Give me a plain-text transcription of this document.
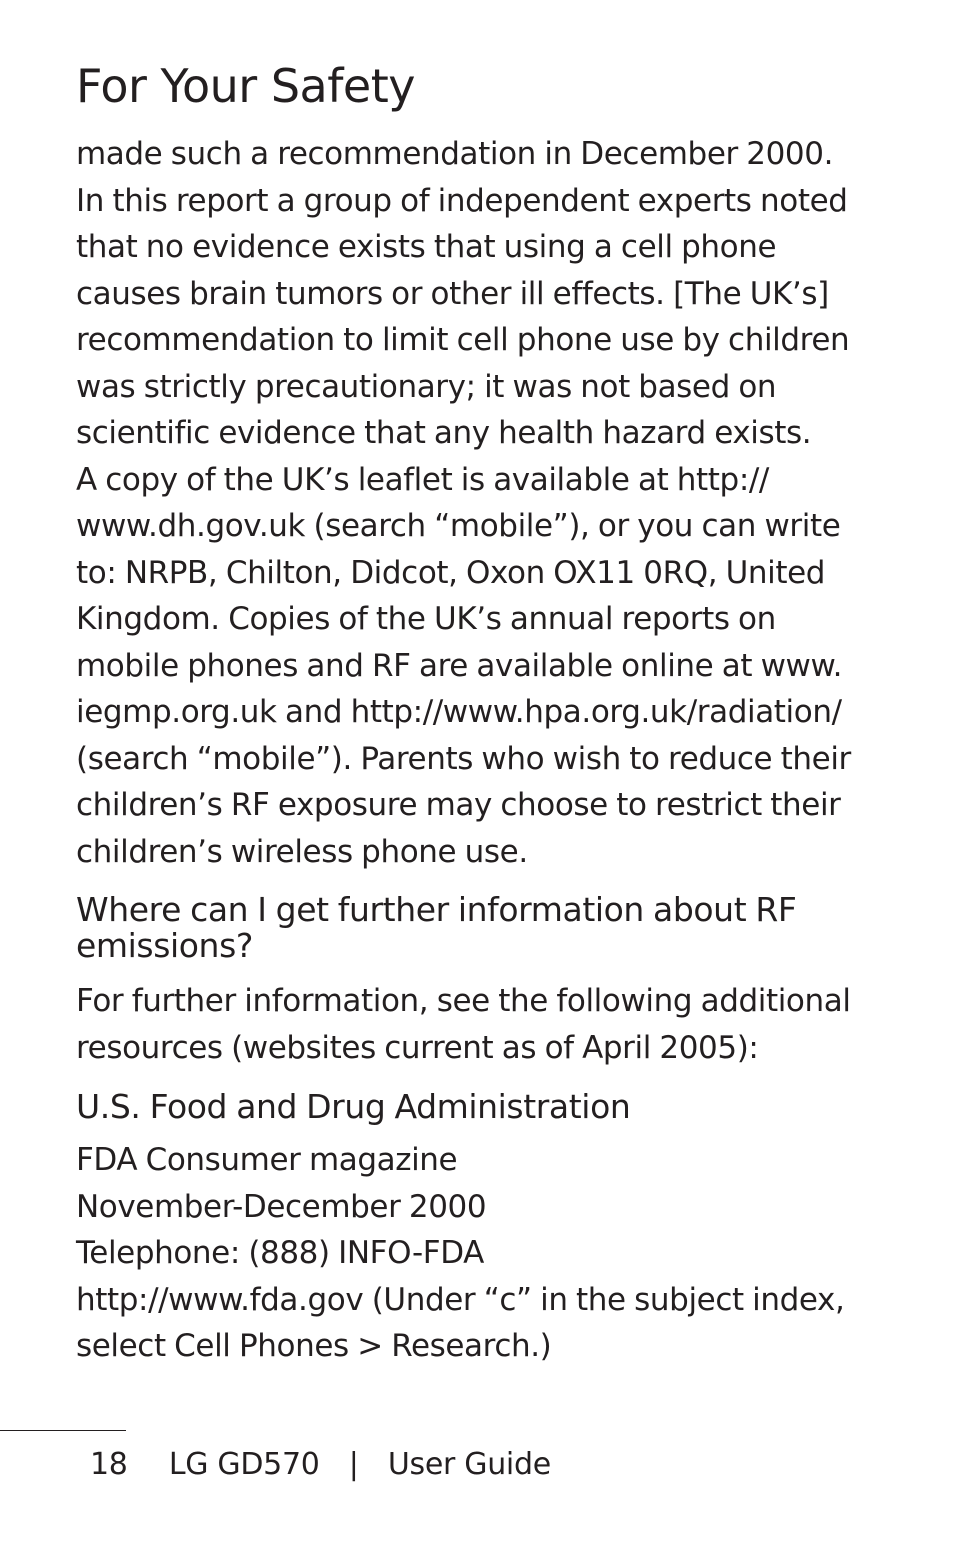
For Your Safety
made such a recommendation in December 2000.
In this report a group of independent experts noted
that no evidence exists that using a cell phone
causes brain tumors or other ill effects. [The UK’s]
recommendation to limit cell phone use by children
was strictly precautionary; it was not based on
scientific evidence that any health hazard exists.
A copy of the UK’s leaflet is available at http://
www.dh.gov.uk (search “mobile”), or you can write
to: NRPB, Chilton, Didcot, Oxon OX11 0RQ, United
Kingdom. Copies of the UK’s annual reports on
mobile phones and RF are available online at www.
iegmp.org.uk and http://www.hpa.org.uk/radiation/
(search “mobile”). Parents who wish to reduce their
children’s RF exposure may choose to restrict their
children’s wireless phone use.
Where can I get further information about RF
emissions?
For further information, see the following additional
resources (websites current as of April 2005):
U.S. Food and Drug Administration
FDA Consumer magazine
November-December 2000
Telephone: (888) INFO-FDA
http://www.fda.gov (Under “c” in the subject index,
select Cell Phones > Research.)
18 LG GD570 | User Guide
